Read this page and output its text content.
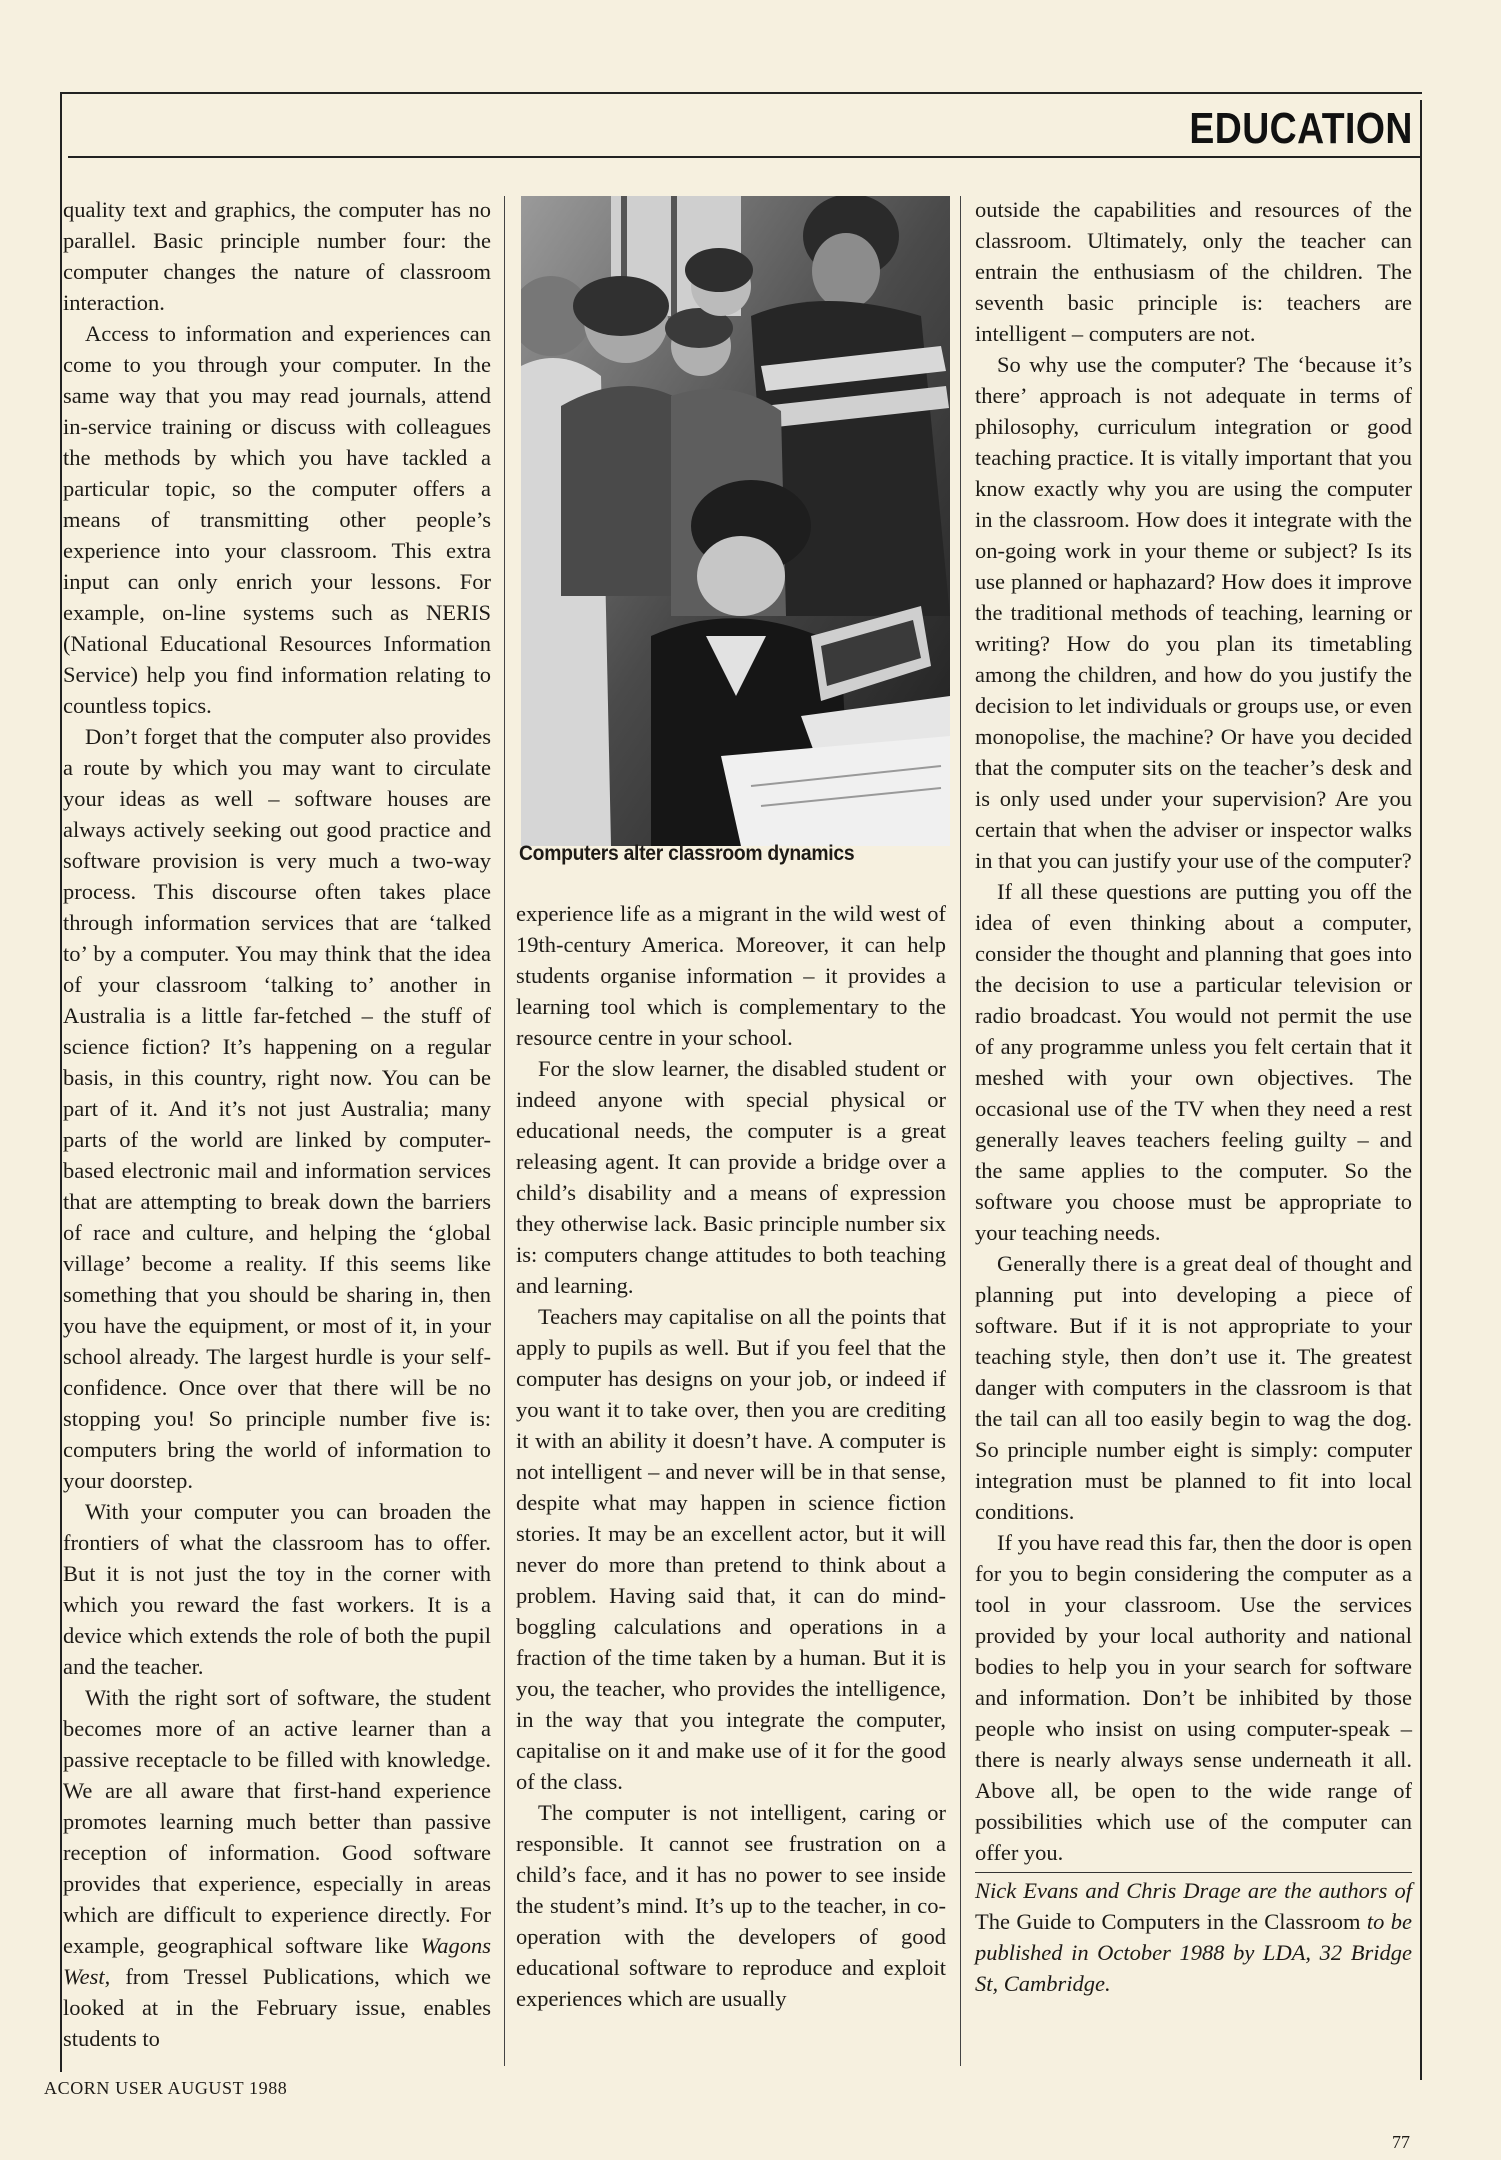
EDUCATION

quality text and graphics, the computer has no parallel. Basic principle number four: the computer changes the nature of classroom interaction.

Access to information and experiences can come to you through your computer. In the same way that you may read journals, attend in-service training or discuss with colleagues the methods by which you have tackled a particular topic, so the computer offers a means of transmitting other people’s experience into your classroom. This extra input can only enrich your lessons. For example, on-line systems such as NERIS (National Educational Resources Information Service) help you find information relating to countless topics.

Don’t forget that the computer also provides a route by which you may want to circulate your ideas as well – software houses are always actively seeking out good practice and software provision is very much a two-way process. This discourse often takes place through information services that are ‘talked to’ by a computer. You may think that the idea of your classroom ‘talking to’ another in Australia is a little far-fetched – the stuff of science fiction? It’s happening on a regular basis, in this country, right now. You can be part of it. And it’s not just Australia; many parts of the world are linked by computer-based electronic mail and information services that are attempting to break down the barriers of race and culture, and helping the ‘global village’ become a reality. If this seems like something that you should be sharing in, then you have the equipment, or most of it, in your school already. The largest hurdle is your self-confidence. Once over that there will be no stopping you! So principle number five is: computers bring the world of information to your doorstep.

With your computer you can broaden the frontiers of what the classroom has to offer. But it is not just the toy in the corner with which you reward the fast workers. It is a device which extends the role of both the pupil and the teacher.

With the right sort of software, the student becomes more of an active learner than a passive receptacle to be filled with knowledge. We are all aware that first-hand experience promotes learning much better than passive reception of information. Good software provides that experience, especially in areas which are difficult to experience directly. For example, geographical software like Wagons West, from Tressel Publications, which we looked at in the February issue, enables students to

Computers alter classroom dynamics

experience life as a migrant in the wild west of 19th-century America. Moreover, it can help students organise information – it provides a learning tool which is complementary to the resource centre in your school.

For the slow learner, the disabled student or indeed anyone with special physical or educational needs, the computer is a great releasing agent. It can provide a bridge over a child’s disability and a means of expression they otherwise lack. Basic principle number six is: computers change attitudes to both teaching and learning.

Teachers may capitalise on all the points that apply to pupils as well. But if you feel that the computer has designs on your job, or indeed if you want it to take over, then you are crediting it with an ability it doesn’t have. A computer is not intelligent – and never will be in that sense, despite what may happen in science fiction stories. It may be an excellent actor, but it will never do more than pretend to think about a problem. Having said that, it can do mind-boggling calculations and operations in a fraction of the time taken by a human. But it is you, the teacher, who provides the intelligence, in the way that you integrate the computer, capitalise on it and make use of it for the good of the class.

The computer is not intelligent, caring or responsible. It cannot see frustration on a child’s face, and it has no power to see inside the student’s mind. It’s up to the teacher, in co-operation with the developers of good educational software to reproduce and exploit experiences which are usually

outside the capabilities and resources of the classroom. Ultimately, only the teacher can entrain the enthusiasm of the children. The seventh basic principle is: teachers are intelligent – computers are not.

So why use the computer? The ‘because it’s there’ approach is not adequate in terms of philosophy, curriculum integration or good teaching practice. It is vitally important that you know exactly why you are using the computer in the classroom. How does it integrate with the on-going work in your theme or subject? Is its use planned or haphazard? How does it improve the traditional methods of teaching, learning or writing? How do you plan its timetabling among the children, and how do you justify the decision to let individuals or groups use, or even monopolise, the machine? Or have you decided that the computer sits on the teacher’s desk and is only used under your supervision? Are you certain that when the adviser or inspector walks in that you can justify your use of the computer?

If all these questions are putting you off the idea of even thinking about a computer, consider the thought and planning that goes into the decision to use a particular television or radio broadcast. You would not permit the use of any programme unless you felt certain that it meshed with your own objectives. The occasional use of the TV when they need a rest generally leaves teachers feeling guilty – and the same applies to the computer. So the software you choose must be appropriate to your teaching needs.

Generally there is a great deal of thought and planning put into developing a piece of software. But if it is not appropriate to your teaching style, then don’t use it. The greatest danger with computers in the classroom is that the tail can all too easily begin to wag the dog. So principle number eight is simply: computer integration must be planned to fit into local conditions.

If you have read this far, then the door is open for you to begin considering the computer as a tool in your classroom. Use the services provided by your local authority and national bodies to help you in your search for software and information. Don’t be inhibited by those people who insist on using computer-speak – there is nearly always sense underneath it all. Above all, be open to the wide range of possibilities which use of the computer can offer you.

Nick Evans and Chris Drage are the authors of The Guide to Computers in the Classroom to be published in October 1988 by LDA, 32 Bridge St, Cambridge.

ACORN USER AUGUST 1988
77
